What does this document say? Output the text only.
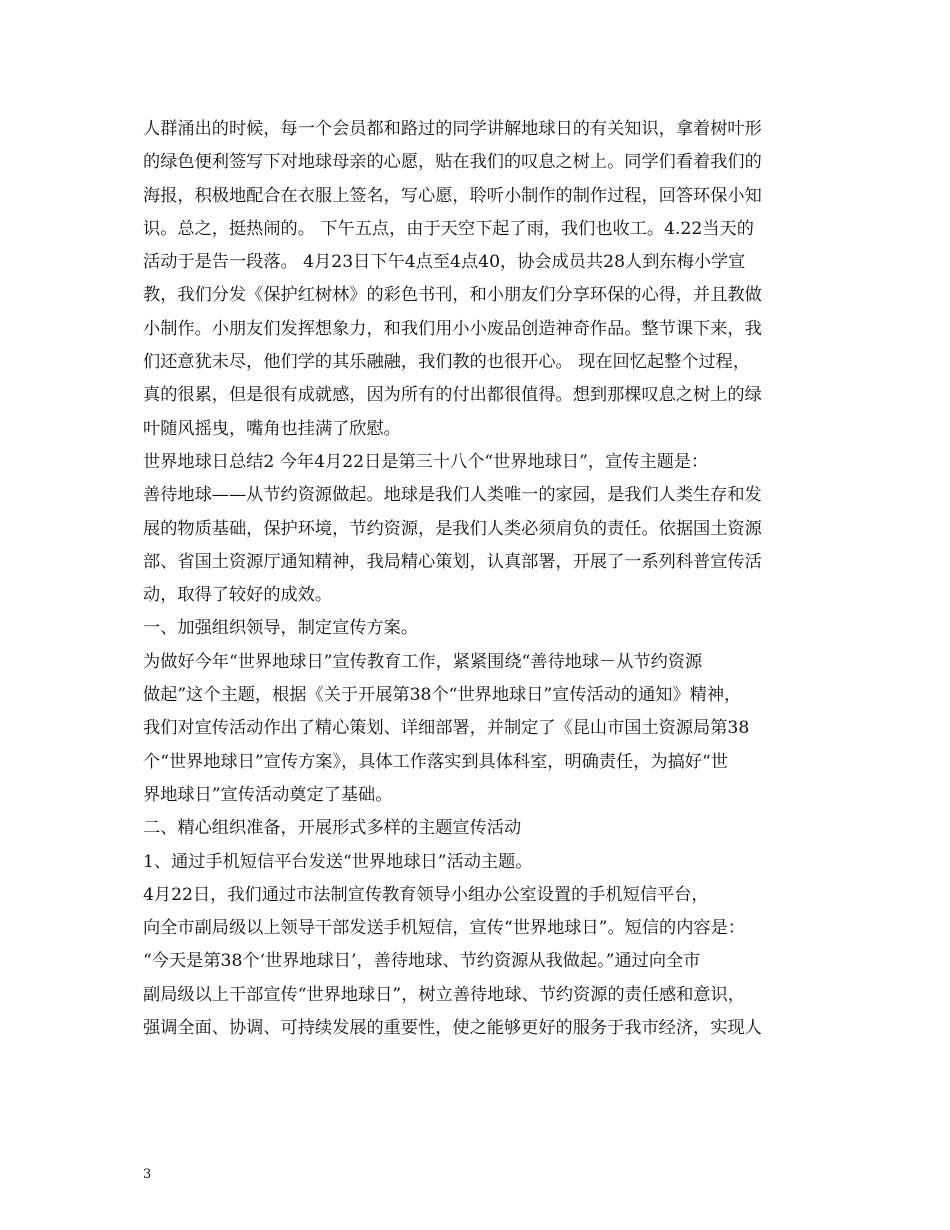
人群涌出的时候，每一个会员都和路过的同学讲解地球日的有关知识，拿着树叶形
的绿色便利签写下对地球母亲的心愿，贴在我们的叹息之树上。同学们看着我们的
海报，积极地配合在衣服上签名，写心愿，聆听小制作的制作过程，回答环保小知
识。总之，挺热闹的。 下午五点，由于天空下起了雨，我们也收工。4.22当天的
活动于是告一段落。 4月23日下午4点至4点40，协会成员共28人到东梅小学宣
教，我们分发《保护红树林》的彩色书刊，和小朋友们分享环保的心得，并且教做
小制作。小朋友们发挥想象力，和我们用小小废品创造神奇作品。整节课下来，我
们还意犹未尽，他们学的其乐融融，我们教的也很开心。 现在回忆起整个过程，
真的很累，但是很有成就感，因为所有的付出都很值得。想到那棵叹息之树上的绿
叶随风摇曳，嘴角也挂满了欣慰。
世界地球日总结2 今年4月22日是第三十八个“世界地球日”，宣传主题是：
善待地球——从节约资源做起。地球是我们人类唯一的家园，是我们人类生存和发
展的物质基础，保护环境，节约资源，是我们人类必须肩负的责任。依据国土资源
部、省国土资源厅通知精神，我局精心策划，认真部署，开展了一系列科普宣传活
动，取得了较好的成效。
一、加强组织领导，制定宣传方案。
为做好今年“世界地球日”宣传教育工作，紧紧围绕“善待地球－从节约资源
做起”这个主题，根据《关于开展第38个“世界地球日”宣传活动的通知》精神，
我们对宣传活动作出了精心策划、详细部署，并制定了《昆山市国土资源局第38
个“世界地球日”宣传方案》，具体工作落实到具体科室，明确责任，为搞好“世
界地球日”宣传活动奠定了基础。
二、精心组织准备，开展形式多样的主题宣传活动
1、通过手机短信平台发送“世界地球日”活动主题。
4月22日，我们通过市法制宣传教育领导小组办公室设置的手机短信平台，
向全市副局级以上领导干部发送手机短信，宣传“世界地球日”。短信的内容是：
“今天是第38个‘世界地球日’，善待地球、节约资源从我做起。”通过向全市
副局级以上干部宣传“世界地球日”，树立善待地球、节约资源的责任感和意识，
强调全面、协调、可持续发展的重要性，使之能够更好的服务于我市经济，实现人
3
